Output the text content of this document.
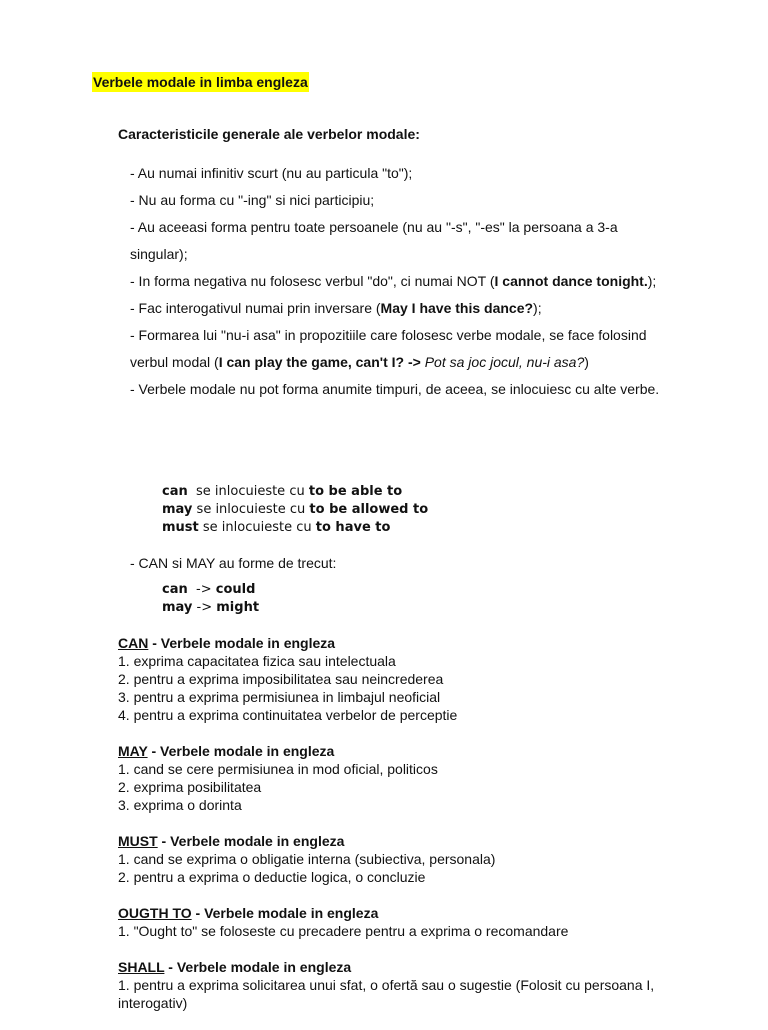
Verbele modale in limba engleza
Caracteristicile generale ale verbelor modale:
- Au numai infinitiv scurt (nu au particula "to");
- Nu au forma cu "-ing" si nici participiu;
- Au aceeasi forma pentru toate persoanele (nu au "-s", "-es" la persoana a 3-a singular);
- In forma negativa nu folosesc verbul "do", ci numai NOT (I cannot dance tonight.);
- Fac interogativul numai prin inversare (May I have this dance?);
- Formarea lui "nu-i asa" in propozitiile care folosesc verbe modale, se face folosind verbul modal (I can play the game, can't I? -> Pot sa joc jocul, nu-i asa?)
- Verbele modale nu pot forma anumite timpuri, de aceea, se inlocuiesc cu alte verbe.
can se inlocuieste cu to be able to
may se inlocuieste cu to be allowed to
must se inlocuieste cu to have to
- CAN si MAY au forme de trecut:
can  -> could
may -> might
CAN - Verbele modale in engleza
1. exprima capacitatea fizica sau intelectuala
2. pentru a exprima imposibilitatea sau neincrederea
3. pentru a exprima permisiunea in limbajul neoficial
4. pentru a exprima continuitatea verbelor de perceptie
MAY - Verbele modale in engleza
1. cand se cere permisiunea in mod oficial, politicos
2. exprima posibilitatea
3. exprima o dorinta
MUST - Verbele modale in engleza
1. cand se exprima o obligatie interna (subiectiva, personala)
2. pentru a exprima o deductie logica, o concluzie
OUGTH TO - Verbele modale in engleza
1. "Ought to" se foloseste cu precadere pentru a exprima o recomandare
SHALL - Verbele modale in engleza
1. pentru a exprima solicitarea unui sfat, o ofertă sau o sugestie (Folosit cu persoana I, interogativ)
